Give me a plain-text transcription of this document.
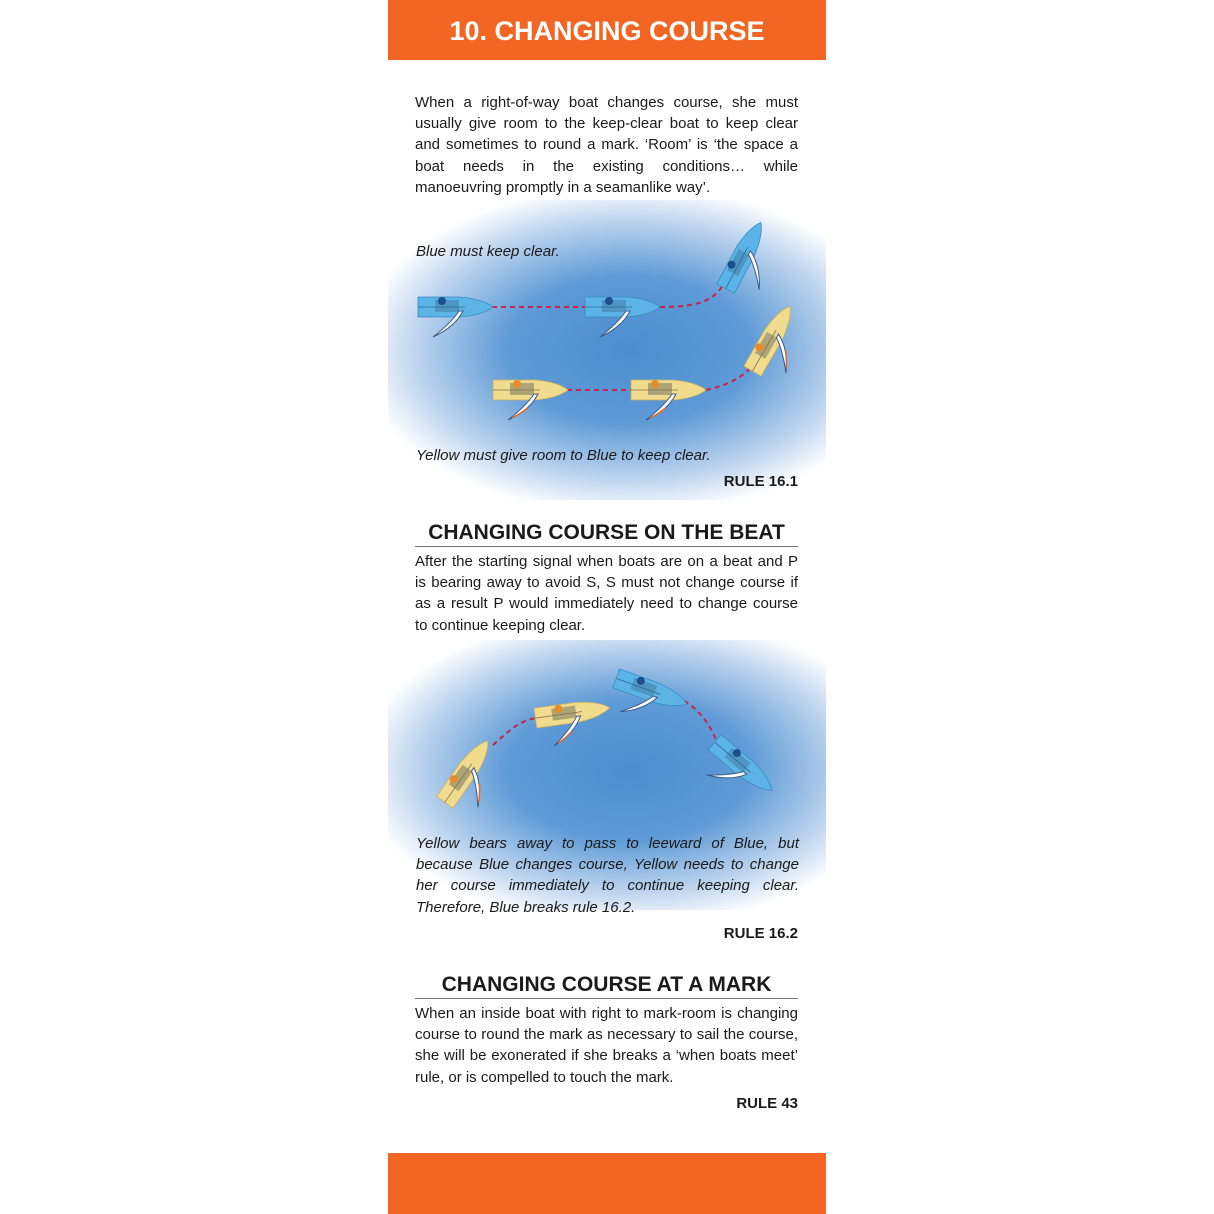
10. CHANGING COURSE
When a right-of-way boat changes course, she must usually give room to the keep-clear boat to keep clear and sometimes to round a mark. ‘Room’ is ‘the space a boat needs in the existing conditions… while manoeuvring promptly in a seamanlike way’.
Blue must keep clear.
Yellow must give room to Blue to keep clear.
RULE 16.1
CHANGING COURSE ON THE BEAT
After the starting signal when boats are on a beat and P is bearing away to avoid S, S must not change course if as a result P would immediately need to change course to continue keeping clear.
Yellow bears away to pass to leeward of Blue, but because Blue changes course, Yellow needs to change her course immediately to continue keeping clear. Therefore, Blue breaks rule 16.2.
RULE 16.2
CHANGING COURSE AT A MARK
When an inside boat with right to mark-room is changing course to round the mark as necessary to sail the course, she will be exonerated if she breaks a ‘when boats meet’ rule, or is compelled to touch the mark.
RULE 43
